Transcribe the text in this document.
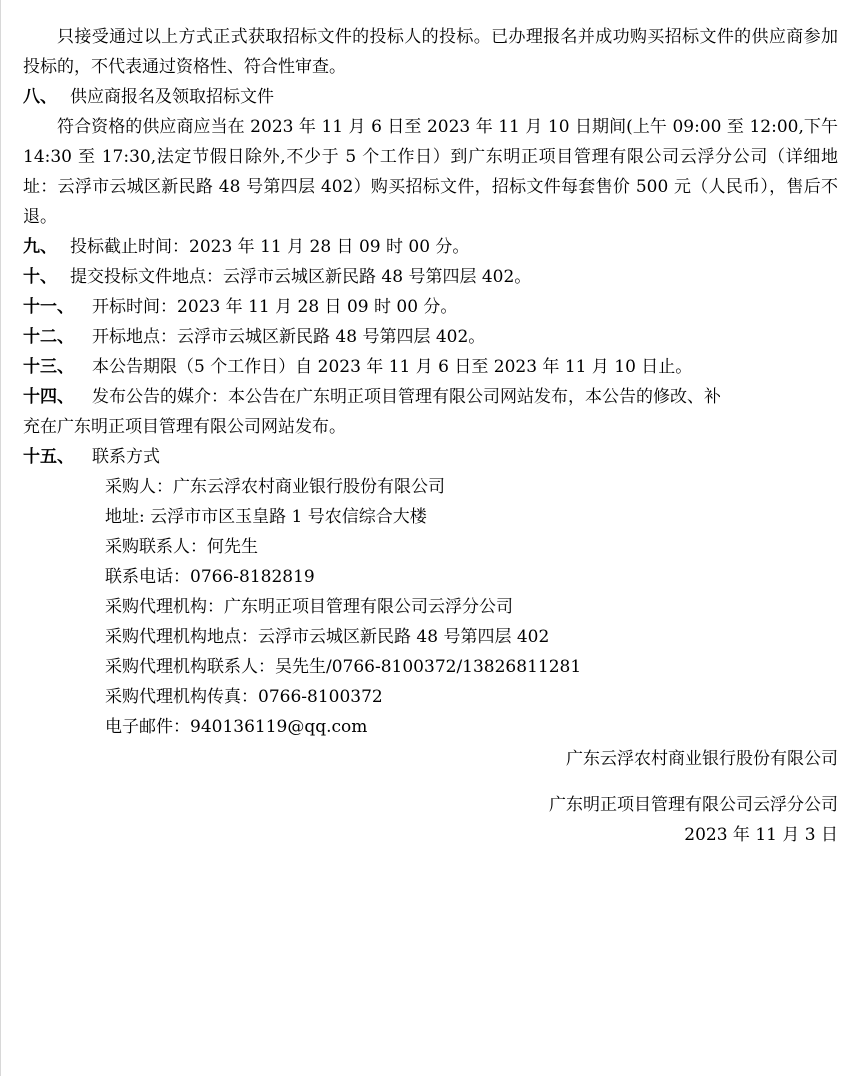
只接受通过以上方式正式获取招标文件的投标人的投标。已办理报名并成功购买招标文件的供应商参加投标的，不代表通过资格性、符合性审查。

八、 供应商报名及领取招标文件

符合资格的供应商应当在 2023 年 11 月 6 日至 2023 年 11 月 10 日期间(上午 09:00 至 12:00,下午 14:30 至 17:30,法定节假日除外,不少于 5 个工作日）到广东明正项目管理有限公司云浮分公司（详细地址：云浮市云城区新民路 48 号第四层 402）购买招标文件，招标文件每套售价 500 元（人民币），售后不退。

九、 投标截止时间：2023 年 11 月 28 日 09 时 00 分。
十、 提交投标文件地点：云浮市云城区新民路 48 号第四层 402。
十一、	开标时间：2023 年 11 月 28 日 09 时 00 分。
十二、	开标地点：云浮市云城区新民路 48 号第四层 402。
十三、	本公告期限（5 个工作日）自 2023 年 11 月 6 日至 2023 年 11 月 10 日止。
十四、	发布公告的媒介：本公告在广东明正项目管理有限公司网站发布，本公告的修改、补
充在广东明正项目管理有限公司网站发布。
十五、	联系方式
采购人：广东云浮农村商业银行股份有限公司
地址: 云浮市市区玉皇路 1 号农信综合大楼
采购联系人：何先生
联系电话：0766-8182819
采购代理机构：广东明正项目管理有限公司云浮分公司
采购代理机构地点：云浮市云城区新民路 48 号第四层 402
采购代理机构联系人：吴先生/0766-8100372/13826811281
采购代理机构传真：0766-8100372
电子邮件：940136119@qq.com
广东云浮农村商业银行股份有限公司
广东明正项目管理有限公司云浮分公司
2023 年 11 月 3 日
